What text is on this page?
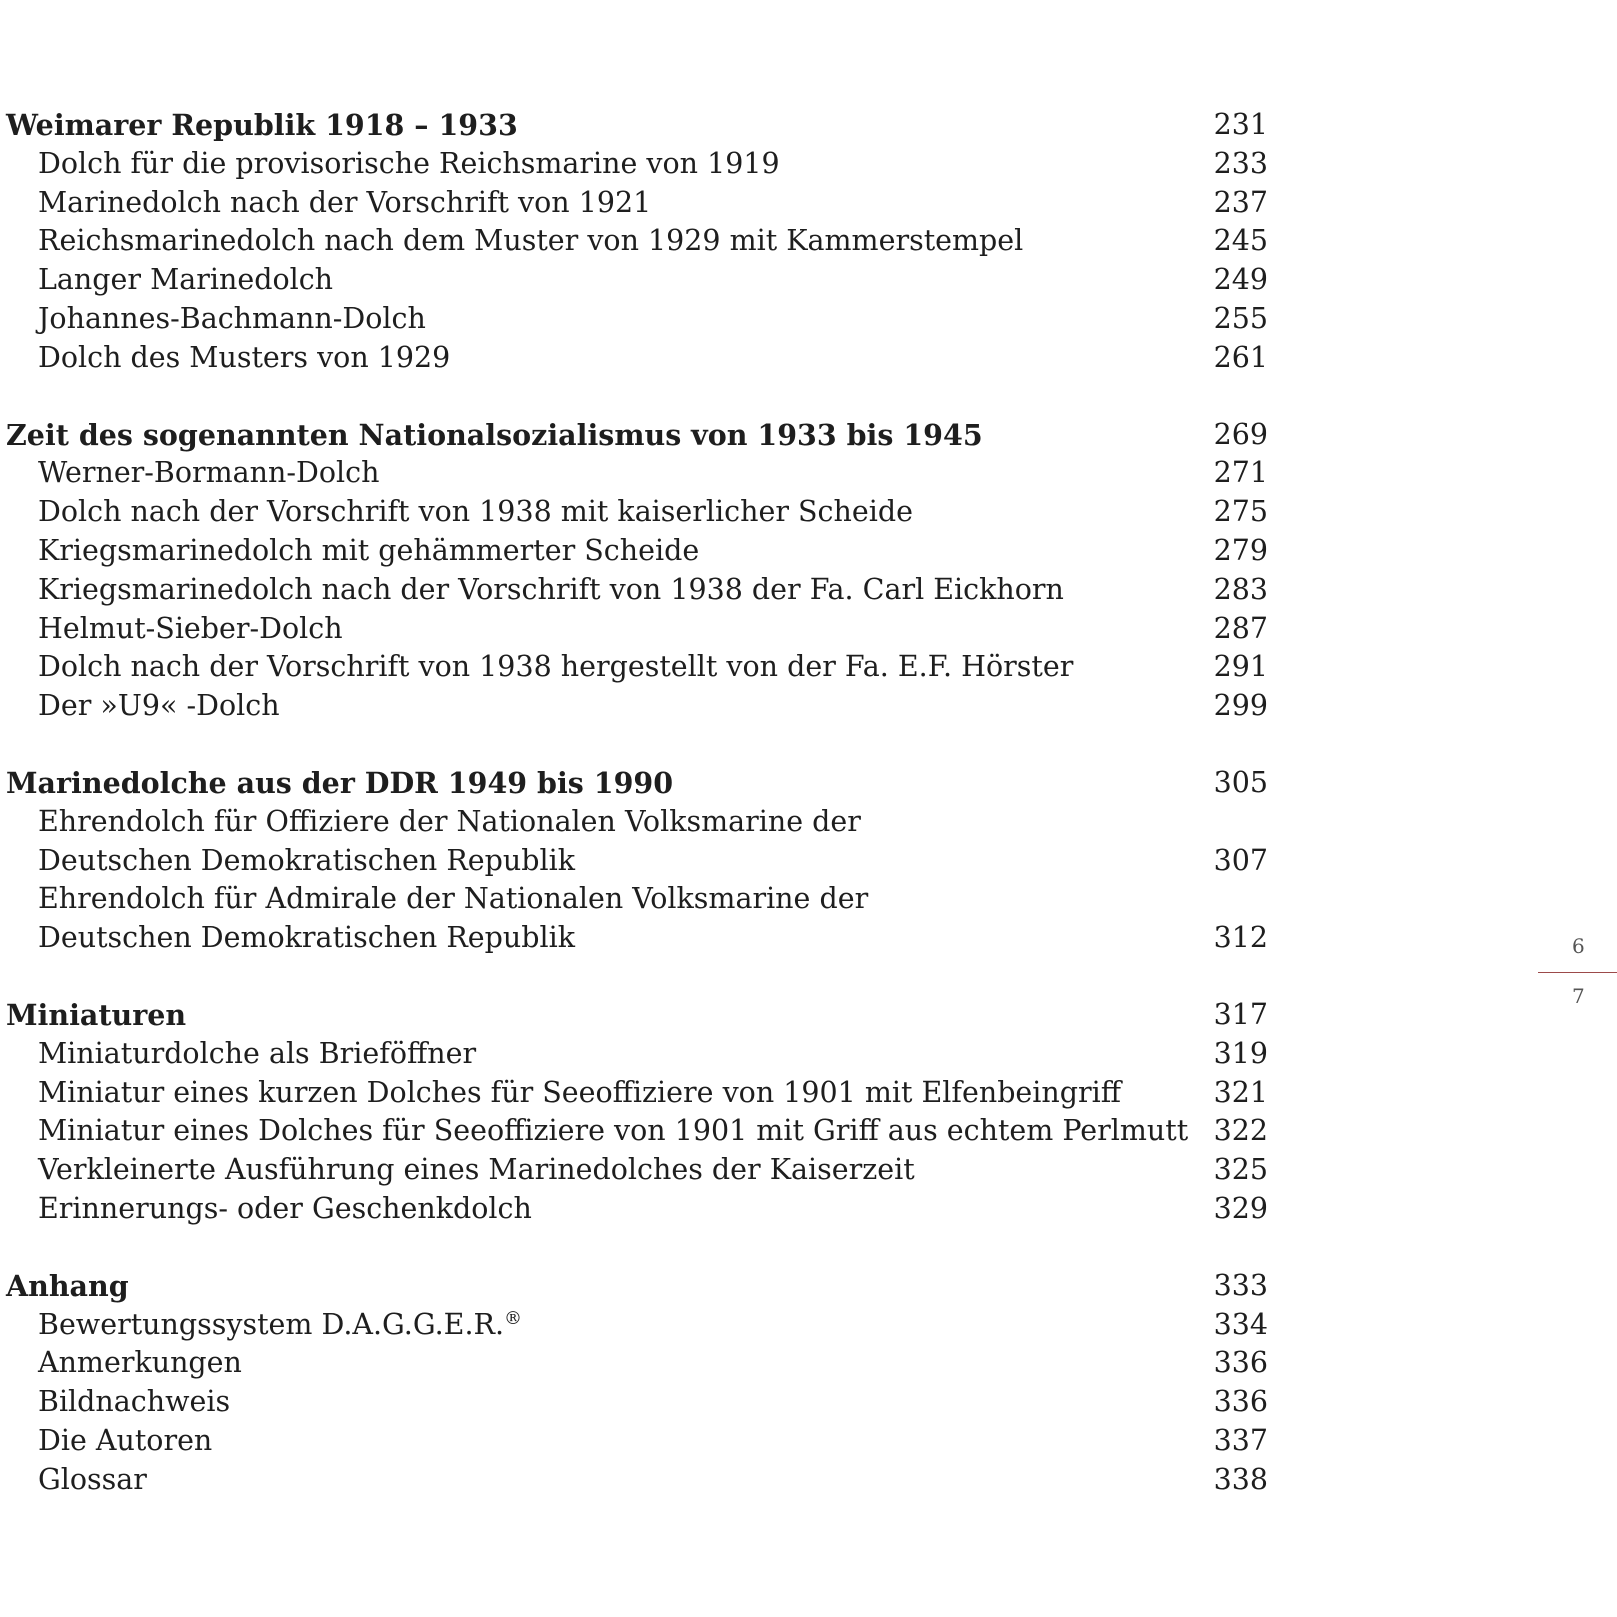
Weimarer Republik 1918 – 1933	231
Dolch für die provisorische Reichsmarine von 1919	233
Marinedolch nach der Vorschrift von 1921	237
Reichsmarinedolch nach dem Muster von 1929 mit Kammerstempel	245
Langer Marinedolch	249
Johannes-Bachmann-Dolch	255
Dolch des Musters von 1929	261
Zeit des sogenannten Nationalsozialismus von 1933 bis 1945	269
Werner-Bormann-Dolch	271
Dolch nach der Vorschrift von 1938 mit kaiserlicher Scheide	275
Kriegsmarinedolch mit gehämmerter Scheide	279
Kriegsmarinedolch nach der Vorschrift von 1938 der Fa. Carl Eickhorn	283
Helmut-Sieber-Dolch	287
Dolch nach der Vorschrift von 1938 hergestellt von der Fa. E.F. Hörster	291
Der »U9« -Dolch	299
Marinedolche aus der DDR 1949 bis 1990	305
Ehrendolch für Offiziere der Nationalen Volksmarine der
Deutschen Demokratischen Republik	307
Ehrendolch für Admirale der Nationalen Volksmarine der
Deutschen Demokratischen Republik	312
Miniaturen	317
Miniaturdolche als Brieföffner	319
Miniatur eines kurzen Dolches für Seeoffiziere von 1901 mit Elfenbeingriff	321
Miniatur eines Dolches für Seeoffiziere von 1901 mit Griff aus echtem Perlmutt 322
Verkleinerte Ausführung eines Marinedolches der Kaiserzeit	325
Erinnerungs- oder Geschenkdolch	329
Anhang	333
Bewertungssystem D.A.G.G.E.R.®	334
Anmerkungen	336
Bildnachweis	336
Die Autoren	337
Glossar	338
6
7
